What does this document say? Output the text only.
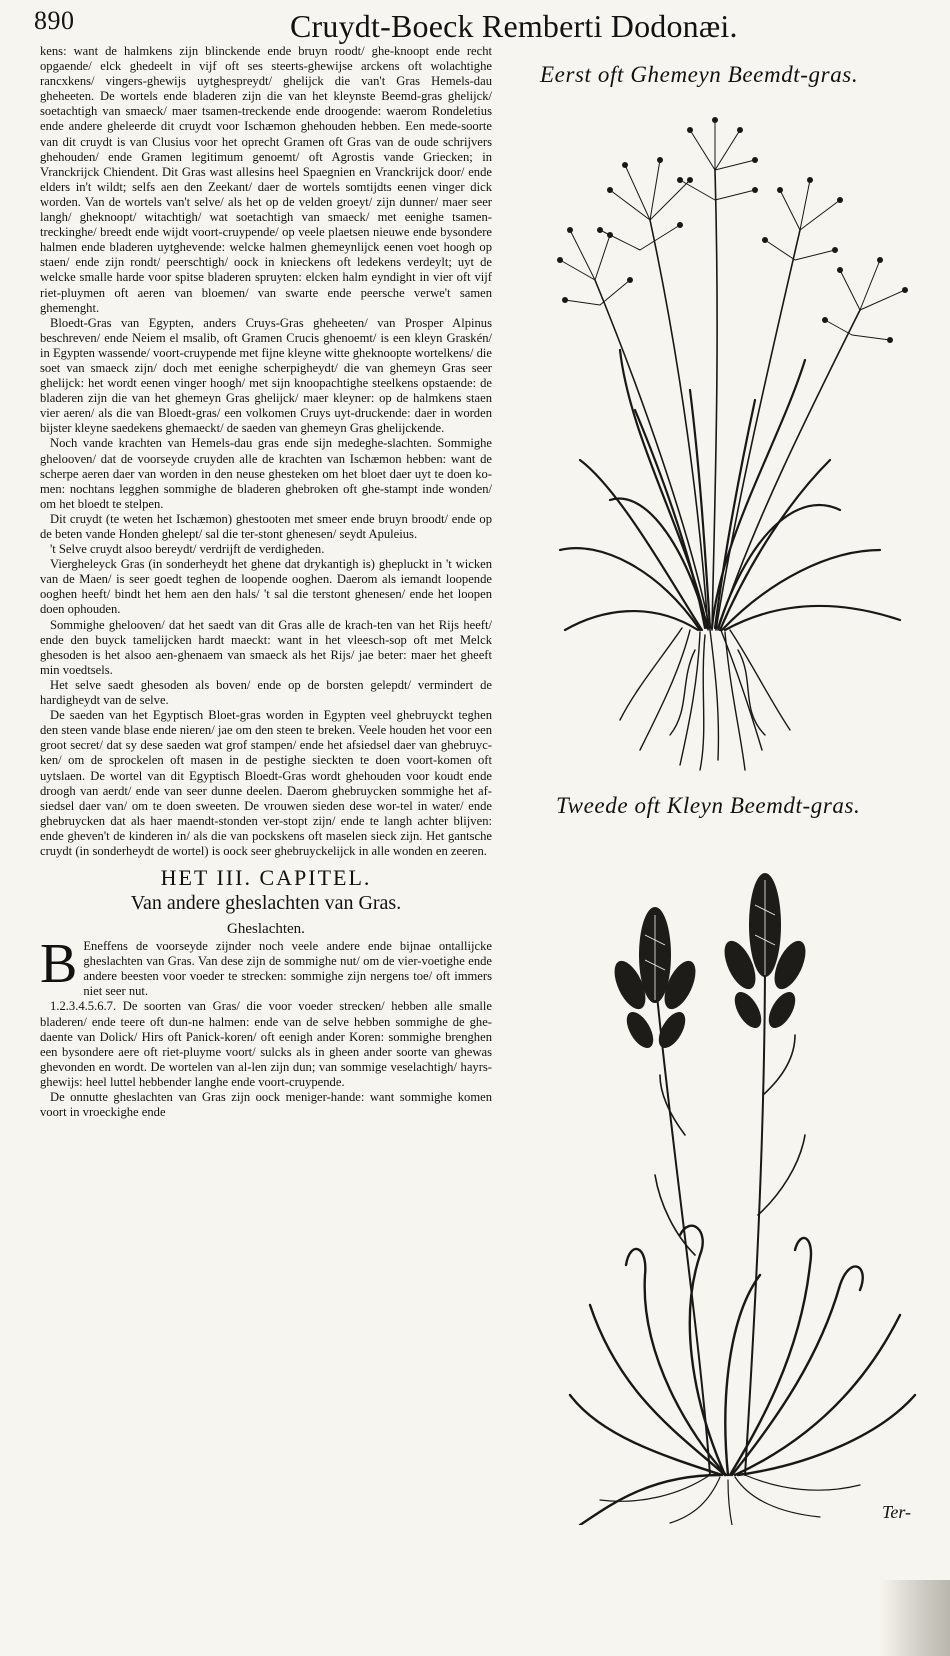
890	Cruydt-Boeck Remberti Dodonæi.

kens: want de halmkens zijn blinckende ende bruyn roodt/ ghe-knoopt ende recht opgaende/ elck ghedeelt in vijf oft ses steerts-ghewijse arckens oft wolachtighe rancxkens/ vingers-ghewijs uytghesprеydt/ ghelijck die van't Gras Hemels-dau gheheeten. De wortels ende bladeren zijn die van het kleynste Beemd-gras ghelijck/ soetachtigh van smaeck/ maer tsamen-treckende ende droogende: waerom Rondeletius ende andere gheleerde dit cruydt voor Ischæmon ghehouden hebben. Een mede-soorte van dit cruydt is van Clusius voor het oprecht Gramen oft Gras van de oude schrijvers ghehouden/ ende Gramen legitimum genoemt/ oft Agrostis vande Griecken; in Vranckrijck Chiendent. Dit Gras wast allesins heel Spaegnien en Vranckrijck door/ ende elders in't wildt; selfs aen den Zeekant/ daer de wortels somtijdts eenen vinger dick worden. Van de wortels van't selve/ als het op de velden groeyt/ zijn dunner/ maer seer langh/ gheknoopt/ witachtigh/ wat soetachtigh van smaeck/ met eenighe tsamen-treckinghe/ breedt ende wijdt voort-cruypende/ op veele plaetsen nieuwe ende bysondere halmen ende bladeren uytghevende: welcke halmen ghemeynlijck eenen voet hoogh op staen/ ende zijn rondt/ peerschtigh/ oock in knieckens oft ledekens verdeylt; uyt de welcke smalle harde voor spitse bladeren spruyten: elcken halm eyndight in vier oft vijf riet-pluymen oft aeren van bloemen/ van swarte ende peersche verwe't samen ghemenght.

Bloedt-Gras van Egypten, anders Cruys-Gras gheheeten/ van Prosper Alpinus beschreven/ ende Neiem el msalib, oft Gramen Crucis ghenoemt/ is een kleyn Graskén/ in Egypten wassende/ voort-cruypende met fijne kleyne witte gheknoopte wortelkens/ die soet van smaeck zijn/ doch met eenighe scherpigheydt/ die van ghemeyn Gras seer ghelijck: het wordt eenen vinger hoogh/ met sijn knoopachtighe steelkens opstaende: de bladeren zijn die van het ghemeyn Gras ghelijck/ maer kleyner: op de halmkens staen vier aeren/ als die van Bloedt-gras/ een volkomen Cruys uyt-druckende: daer in worden bijster kleyne saedekens ghemaeckt/ de saeden van ghemeyn Gras ghelijckende.

Noch vande krachten van Hemels-dau gras ende sijn medeghe-slachten. Sommighe ghelooven/ dat de voorseyde cruyden alle de krachten van Ischæmon hebben: want de scherpe aeren daer van worden in den neuse ghesteken om het bloet daer uyt te doen ko-men: nochtans legghen sommighe de bladeren ghebroken oft ghe-stampt inde wonden/ om het bloedt te stelpen.

Dit cruydt (te weten het Ischæmon) ghestooten met smeer ende bruyn broodt/ ende op de beten vande Honden ghelept/ sal die ter-stont ghenesen/ seydt Apuleius.

't Selve cruydt alsoo bereydt/ verdrijft de verdigheden.

Viergheleyck Gras (in sonderheydt het ghene dat drykantigh is) ghepluckt in 't wicken van de Maen/ is seer goedt teghen de loopende ooghen. Daerom als iemandt loopende ooghen heeft/ bindt het hem aen den hals/ 't sal die terstont ghenesen/ ende het loopen doen ophouden.

Sommighe ghelooven/ dat het saedt van dit Gras alle de krach-ten van het Rijs heeft/ ende den buyck tamelijcken hardt maeckt: want in het vleesch-sop oft met Melck ghesoden is het alsoo aen-ghenaem van smaeck als het Rijs/ jae beter: maer het gheeft min voedtsels.

Het selve saedt ghesoden als boven/ ende op de borsten gelepdt/ vermindert de hardigheydt van de selve.

De saeden van het Egyptisch Bloet-gras worden in Egypten veel ghebruyckt teghen den steen vande blase ende nieren/ jae om den steen te breken. Veele houden het voor een groot secret/ dat sy dese saeden wat grof stampen/ ende het afsiedsel daer van ghebruyc-ken/ om de sprockelen oft masen in de pestighe sieckten te doen voort-komen oft uytslaen. De wortel van dit Egyptisch Bloedt-Gras wordt ghehouden voor koudt ende droogh van aerdt/ ende van seer dunne deelen. Daerom ghebruycken sommighe het af-siedsel daer van/ om te doen sweeten. De vrouwen sieden dese wor-tel in water/ ende ghebruycken dat als haer maendt-stonden ver-stopt zijn/ ende te langh achter blijven: ende gheven't de kinderen in/ als die van pockskens oft maselen sieck zijn. Het gantsche cruydt (in sonderheydt de wortel) is oock seer ghebruyckelijck in alle wonden en zeeren.

HET III. CAPITEL.
Van andere gheslachten van Gras.
Gheslachten.

B Eneffens de voorseyde zijnder noch veele andere ende bijnae ontallijcke gheslachten van Gras. Van dese zijn de sommighe nut/ om de vier-voetighe ende andere beesten voor voeder te strecken: sommighe zijn nergens toe/ oft immers niet seer nut.

1.2.3.4.5.6.7. De soorten van Gras/ die voor voeder strecken/ hebben alle smalle bladeren/ ende teere oft dun-ne halmen: ende van de selve hebben sommighe de ghe-daente van Dolick/ Hirs oft Panick-koren/ oft eenigh ander Koren: sommighe brenghen een bysondere aere oft riet-pluyme voort/ sulcks als in gheen ander soorte van ghewas ghevonden en wordt. De wortelen van al-len zijn dun; van sommige veselachtigh/ hayrs-ghewijs: heel luttel hebbender langhe ende voort-cruypende.

De onnutte gheslachten van Gras zijn oock meniger-hande: want sommighe komen voort in vroeckighe ende

Eerst oft Ghemeyn Beemdt-gras.
Tweede oft Kleyn Beemdt-gras.
Ter-
